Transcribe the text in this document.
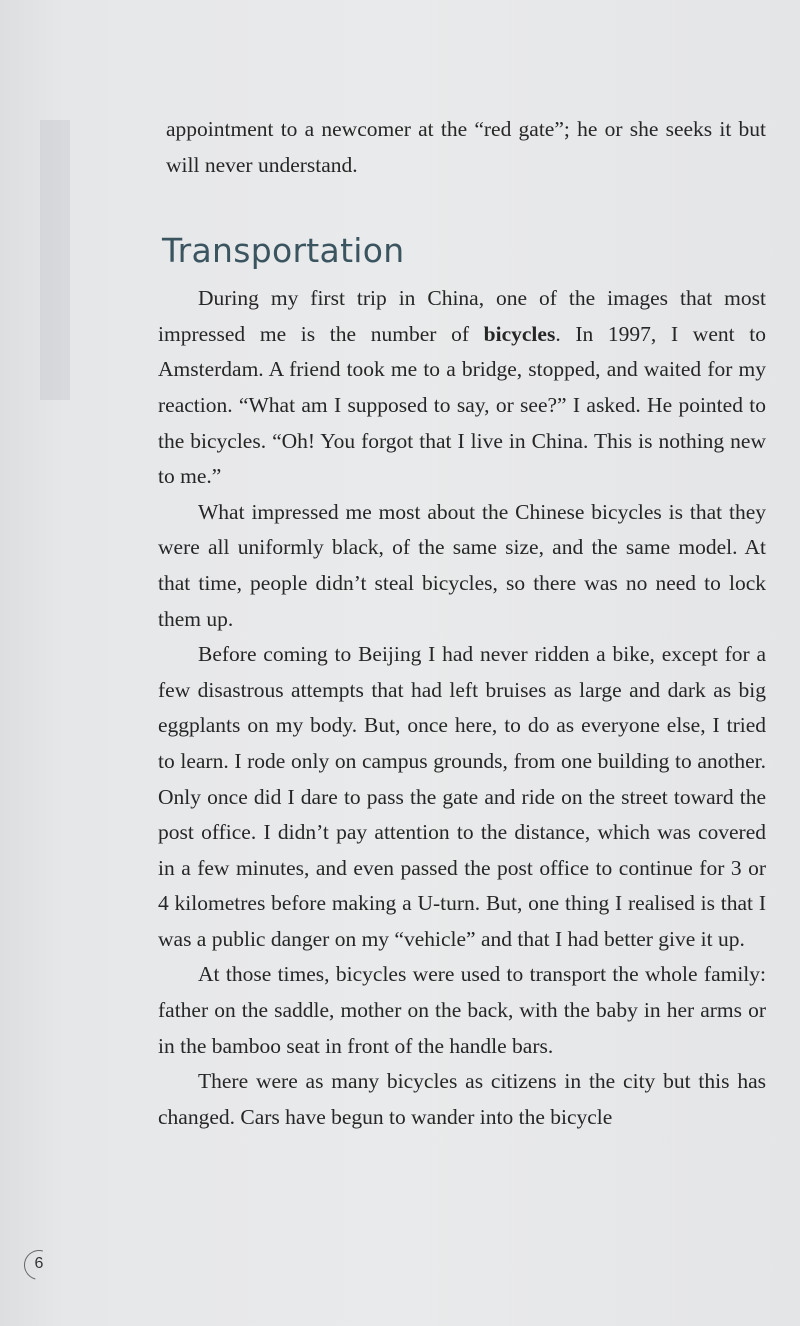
appointment to a newcomer at the “red gate”; he or she seeks it but will never understand.

Transportation

During my first trip in China, one of the images that most impressed me is the number of bicycles. In 1997, I went to Amsterdam. A friend took me to a bridge, stopped, and waited for my reaction. “What am I supposed to say, or see?” I asked. He pointed to the bicycles. “Oh! You forgot that I live in China. This is nothing new to me.”

What impressed me most about the Chinese bicycles is that they were all uniformly black, of the same size, and the same model. At that time, people didn’t steal bicycles, so there was no need to lock them up.

Before coming to Beijing I had never ridden a bike, except for a few disastrous attempts that had left bruises as large and dark as big eggplants on my body. But, once here, to do as everyone else, I tried to learn. I rode only on campus grounds, from one building to another. Only once did I dare to pass the gate and ride on the street toward the post office. I didn’t pay attention to the distance, which was covered in a few minutes, and even passed the post office to continue for 3 or 4 kilometres before making a U-turn. But, one thing I realised is that I was a public danger on my “vehicle” and that I had better give it up.

At those times, bicycles were used to transport the whole family: father on the saddle, mother on the back, with the baby in her arms or in the bamboo seat in front of the handle bars.

There were as many bicycles as citizens in the city but this has changed. Cars have begun to wander into the bicycle

6
